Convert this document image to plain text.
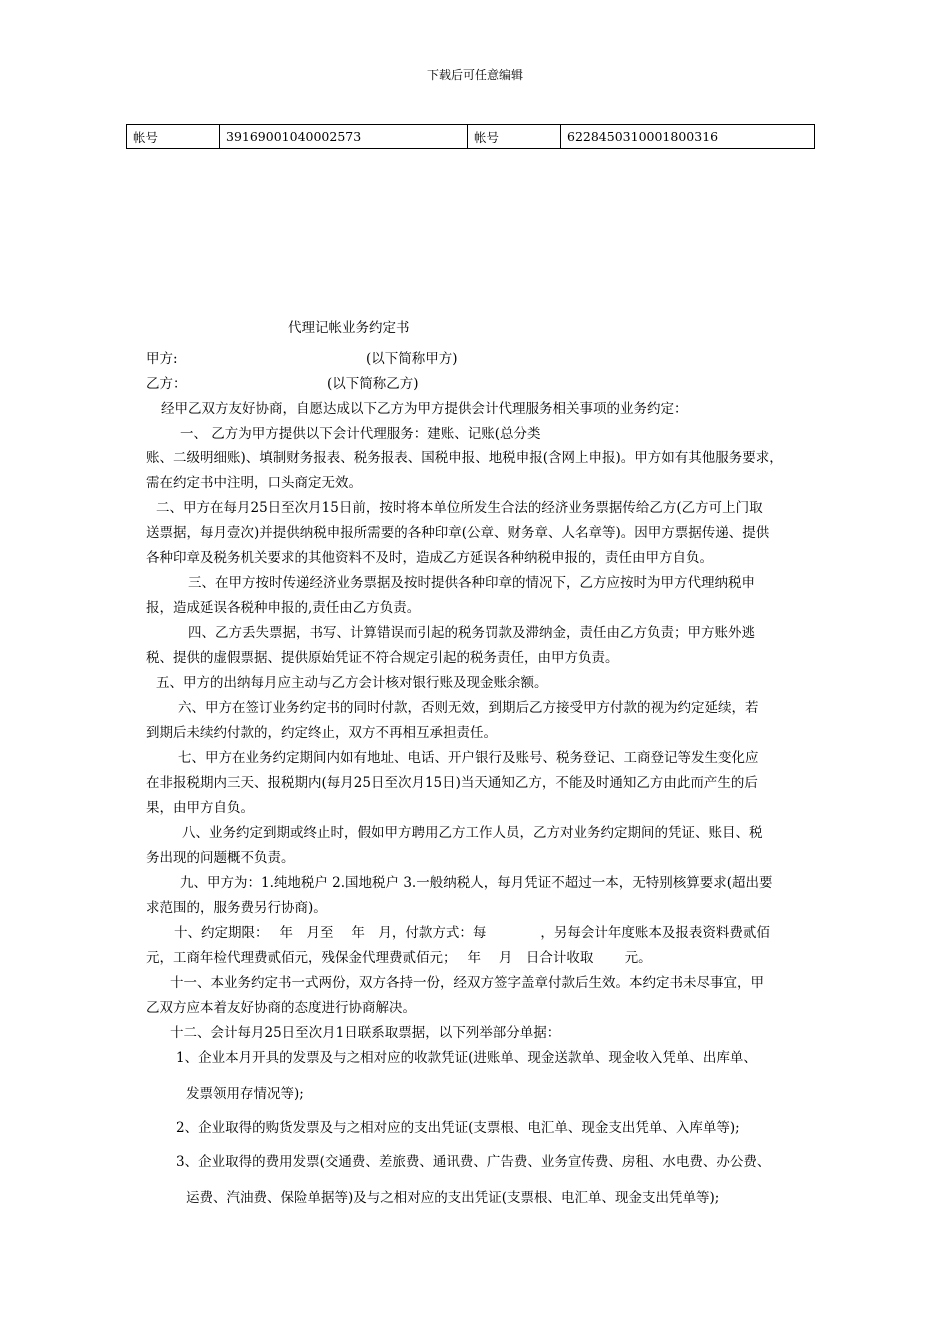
下载后可任意编辑
帐号	39169001040002573	帐号	6228450310001800316
代理记帐业务约定书
甲方:	(以下简称甲方)
乙方：	(以下简称乙方)
经甲乙双方友好协商，自愿达成以下乙方为甲方提供会计代理服务相关事项的业务约定：
一、 乙方为甲方提供以下会计代理服务：建账、记账(总分类
账、二级明细账)、填制财务报表、税务报表、国税申报、地税申报(含网上申报)。甲方如有其他服务要求，
需在约定书中注明，口头商定无效。
二、甲方在每月25日至次月15日前，按时将本单位所发生合法的经济业务票据传给乙方(乙方可上门取
送票据，每月壹次)并提供纳税申报所需要的各种印章(公章、财务章、人名章等)。因甲方票据传递、提供
各种印章及税务机关要求的其他资料不及时，造成乙方延误各种纳税申报的，责任由甲方自负。
三、在甲方按时传递经济业务票据及按时提供各种印章的情况下，乙方应按时为甲方代理纳税申
报，造成延误各税种申报的,责任由乙方负责。
四、乙方丢失票据，书写、计算错误而引起的税务罚款及滞纳金，责任由乙方负责；甲方账外逃
税、提供的虚假票据、提供原始凭证不符合规定引起的税务责任，由甲方负责。
五、甲方的出纳每月应主动与乙方会计核对银行账及现金账余额。
六、甲方在签订业务约定书的同时付款，否则无效，到期后乙方接受甲方付款的视为约定延续，若
到期后未续约付款的，约定终止，双方不再相互承担责任。
七、甲方在业务约定期间内如有地址、电话、开户银行及账号、税务登记、工商登记等发生变化应
在非报税期内三天、报税期内(每月25日至次月15日)当天通知乙方，不能及时通知乙方由此而产生的后
果，由甲方自负。
八、业务约定到期或终止时，假如甲方聘用乙方工作人员，乙方对业务约定期间的凭证、账目、税
务出现的问题概不负责。
九、甲方为：1.纯地税户 2.国地税户 3.一般纳税人，每月凭证不超过一本，无特别核算要求(超出要
求范围的，服务费另行协商)。
十、约定期限：　 年　月至　 年　月，付款方式：每　　　　，另每会计年度账本及报表资料费贰佰
元，工商年检代理费贰佰元，残保金代理费贰佰元；　 年　 月　日合计收取　　 元。
十一、本业务约定书一式两份，双方各持一份，经双方签字盖章付款后生效。本约定书未尽事宜，甲
乙双方应本着友好协商的态度进行协商解决。
十二、会计每月25日至次月1日联系取票据，以下列举部分单据：
1、企业本月开具的发票及与之相对应的收款凭证(进账单、现金送款单、现金收入凭单、出库单、
发票领用存情况等);
2、企业取得的购货发票及与之相对应的支出凭证(支票根、电汇单、现金支出凭单、入库单等);
3、企业取得的费用发票(交通费、差旅费、通讯费、广告费、业务宣传费、房租、水电费、办公费、
运费、汽油费、保险单据等)及与之相对应的支出凭证(支票根、电汇单、现金支出凭单等);
